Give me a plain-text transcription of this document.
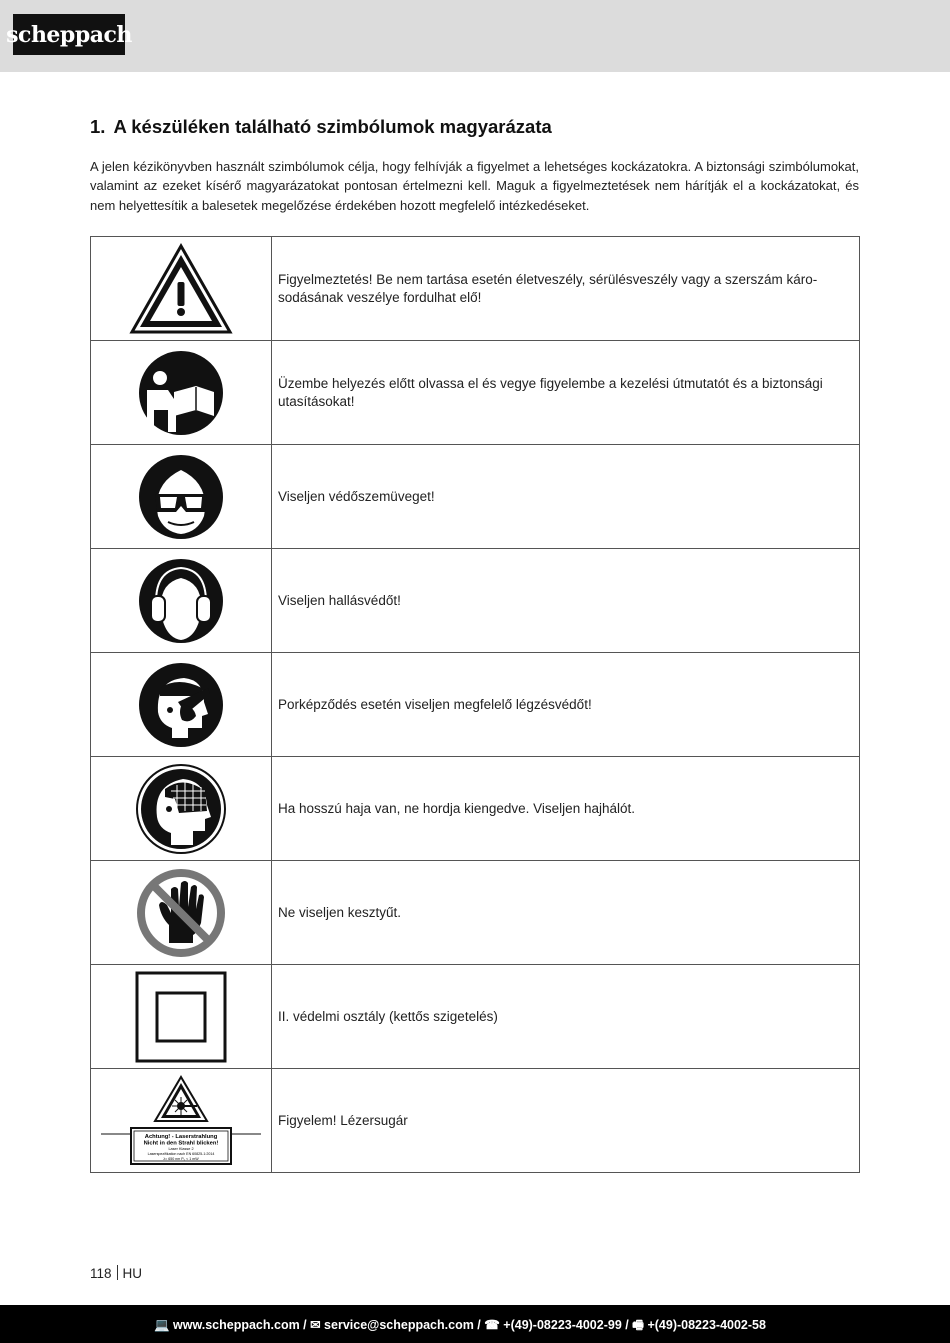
scheppach
1. A készüléken található szimbólumok magyarázata

A jelen kézikönyvben használt szimbólumok célja, hogy felhívják a figyelmet a lehetséges kockázatokra. A biztonsági szimbólumokat, valamint az ezeket kísérő magyarázatokat pontosan értelmezni kell. Maguk a figyelmeztetések nem hárítják el a kockázatokat, és nem helyettesítik a balesetek megelőzése érdekében hozott megfelelő intézkedéseket.

	Figyelmeztetés! Be nem tartása esetén életveszély, sérülésveszély vagy a szerszám káro-sodásának veszélye fordulhat elő!

	Üzembe helyezés előtt olvassa el és vegye figyelembe a kezelési útmutatót és a biztonsági utasításokat!

	Viseljen védőszemüveget!

	Viseljen hallásvédőt!

	Porképződés esetén viseljen megfelelő légzésvédőt!

	Ha hosszú haja van, ne hordja kiengedve. Viseljen hajhálót.

	Ne viseljen kesztyűt.

	II. védelmi osztály (kettős szigetelés)

Achtung! - Laserstrahlung
Nicht in den Strahl blicken!
Laser Klasse 2
Laserspezifikation nach EN 60825-1:2014
λ= 650 nm P₀ < 1 mW	Figyelem! Lézersugár
118 HU
💻 www.scheppach.com / ✉ service@scheppach.com / ☎ +(49)-08223-4002-99 / 🖷 +(49)-08223-4002-58
